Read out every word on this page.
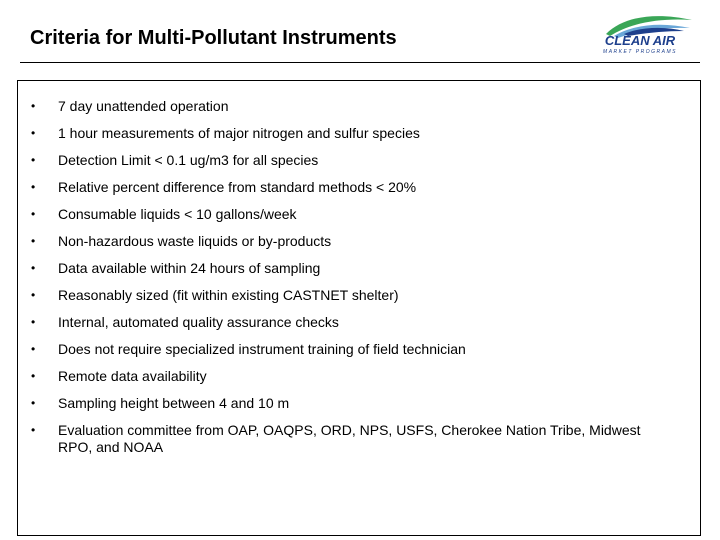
Criteria for Multi-Pollutant Instruments	CLEAN AIR
MARKET PROGRAMS
• 7 day unattended operation
• 1 hour measurements of major nitrogen and sulfur species
• Detection Limit < 0.1 ug/m3 for all species
• Relative percent difference from standard methods < 20%
• Consumable liquids < 10 gallons/week
• Non-hazardous waste liquids or by-products
• Data available within 24 hours of sampling
• Reasonably sized (fit within existing CASTNET shelter)
• Internal, automated quality assurance checks
• Does not require specialized instrument training of field technician
• Remote data availability
• Sampling height between 4 and 10 m
• Evaluation committee from OAP, OAQPS, ORD, NPS, USFS, Cherokee Nation Tribe, Midwest RPO, and NOAA
